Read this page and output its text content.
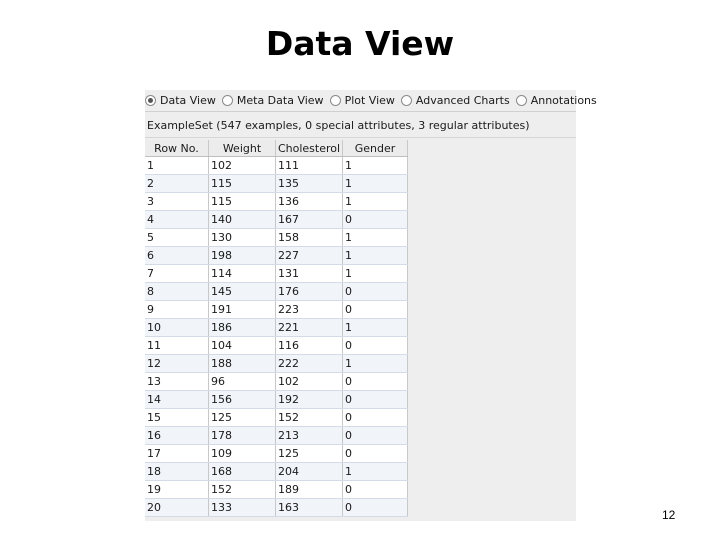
Data View
Data View Meta Data View Plot View Advanced Charts Annotations
ExampleSet (547 examples, 0 special attributes, 3 regular attributes)
Row No.	Weight	Cholesterol	Gender
1	102	111	1
2	115	135	1
3	115	136	1
4	140	167	0
5	130	158	1
6	198	227	1
7	114	131	1
8	145	176	0
9	191	223	0
10	186	221	1
11	104	116	0
12	188	222	1
13	96	102	0
14	156	192	0
15	125	152	0
16	178	213	0
17	109	125	0
18	168	204	1
19	152	189	0
20	133	163	0
12
